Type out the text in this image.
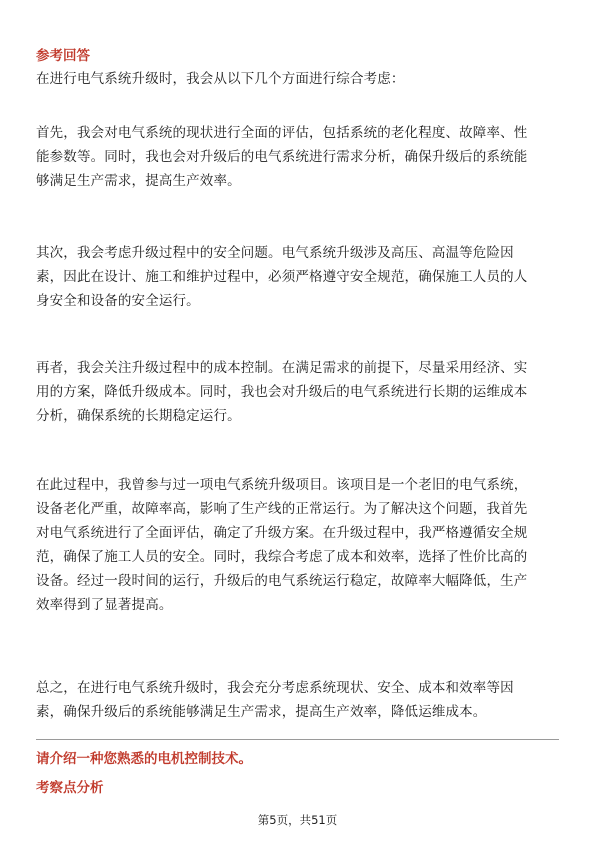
参考回答
在进行电气系统升级时，我会从以下几个方面进行综合考虑：
首先，我会对电气系统的现状进行全面的评估，包括系统的老化程度、故障率、性
能参数等。同时，我也会对升级后的电气系统进行需求分析，确保升级后的系统能
够满足生产需求，提高生产效率。
其次，我会考虑升级过程中的安全问题。电气系统升级涉及高压、高温等危险因
素，因此在设计、施工和维护过程中，必须严格遵守安全规范，确保施工人员的人
身安全和设备的安全运行。
再者，我会关注升级过程中的成本控制。在满足需求的前提下，尽量采用经济、实
用的方案，降低升级成本。同时，我也会对升级后的电气系统进行长期的运维成本
分析，确保系统的长期稳定运行。
在此过程中，我曾参与过一项电气系统升级项目。该项目是一个老旧的电气系统，
设备老化严重，故障率高，影响了生产线的正常运行。为了解决这个问题，我首先
对电气系统进行了全面评估，确定了升级方案。在升级过程中，我严格遵循安全规
范，确保了施工人员的安全。同时，我综合考虑了成本和效率，选择了性价比高的
设备。经过一段时间的运行，升级后的电气系统运行稳定，故障率大幅降低，生产
效率得到了显著提高。
总之，在进行电气系统升级时，我会充分考虑系统现状、安全、成本和效率等因
素，确保升级后的系统能够满足生产需求，提高生产效率，降低运维成本。
请介绍一种您熟悉的电机控制技术。
考察点分析
第5页，共51页
